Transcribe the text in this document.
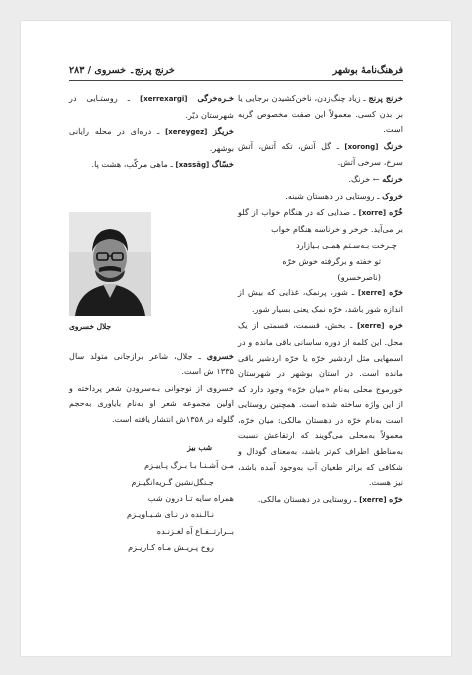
فرهنگ‌نامهٔ بوشهر
خرنج پرنج۔ خسروی / ۲۸۳

خرنج پرنج ـ زیاد چنگ‌زدن، ناخن‌کشیدن برجایی یا بر بدن کسی. معمولاً این صفت مخصوص گربه است.

خرنگ [xorong] ـ گل آتش، تکه آتش، آتش سرخ، سرخی آتش.

خرنگه ← خرنگ.

خروک ـ روستایی در دهستان شبنه.

خُرّه [xorre] ـ صدایی که در هنگام خواب از گلو بر می‌آید. خرخر و خرناسه هنگام خواب

چـرخت بـه‌سـتم همـی بـیازارد

تو خفته و برگرفته خوش خرّه

(ناصرخسرو)

خرّه [xerre] ـ شور، پرنمک، غذایی که بیش از اندازه شور باشد، خرّه نمک یعنی بسیار شور.

خره [xerre] ـ بخش، قسمت، قسمتی از یک محل. این کلمه از دوره ساسانی باقی مانده و در اسمهایی مثل اردشیر خرّه یا خرّه اردشیر باقی مانده است. در استان بوشهر در شهرستان خورموج محلی به‌نام «میان خرّه» وجود دارد که از این واژه ساخته شده است. همچنین روستایی است به‌نام خرّه در دهستان مالکی: میان خرّه، معمولاً به‌محلی می‌گویند که ارتفاعش نسبت به‌مناطق اطراف کم‌تر باشد، به‌معنای گودال و شکافی که براثر طغیان آب به‌وجود آمده باشد، نیز هست.

خرّه [xerre] ـ روستایی در دهستان مالکی.

خـره‌خرگی [xerrexargi] ـ روستـایی در شهرستان دیّر.

خریگز [xereygez] ـ درەای در محله رایانی بوشهر.

خسّاگ [xassāg] ـ ماهی مرکّب، هشت پا.

جلال خسروی

خسروی ـ جلال، شاعر برازجانی متولد سال ۱۳۳۵ ش است.

خسروی از نوجوانی بـه‌سرودن شعر پرداخته و اولین مجموعه شعر او به‌نام بایاوری به‌حجم گلوله در ۱۳۵۸ش انتشار یافته است.

شب بیز

مـن آشـنـا بـا بـرگ پـاییـزم

جـنگل‌نشین گـریه‌انگیـزم

همراه سایه تـا درون شب

نـالـنده در نـای شـبـاویـزم

بــرارتــفـاع آه لغـزنـده

روح پـریـش مـاه کـاریـزم
